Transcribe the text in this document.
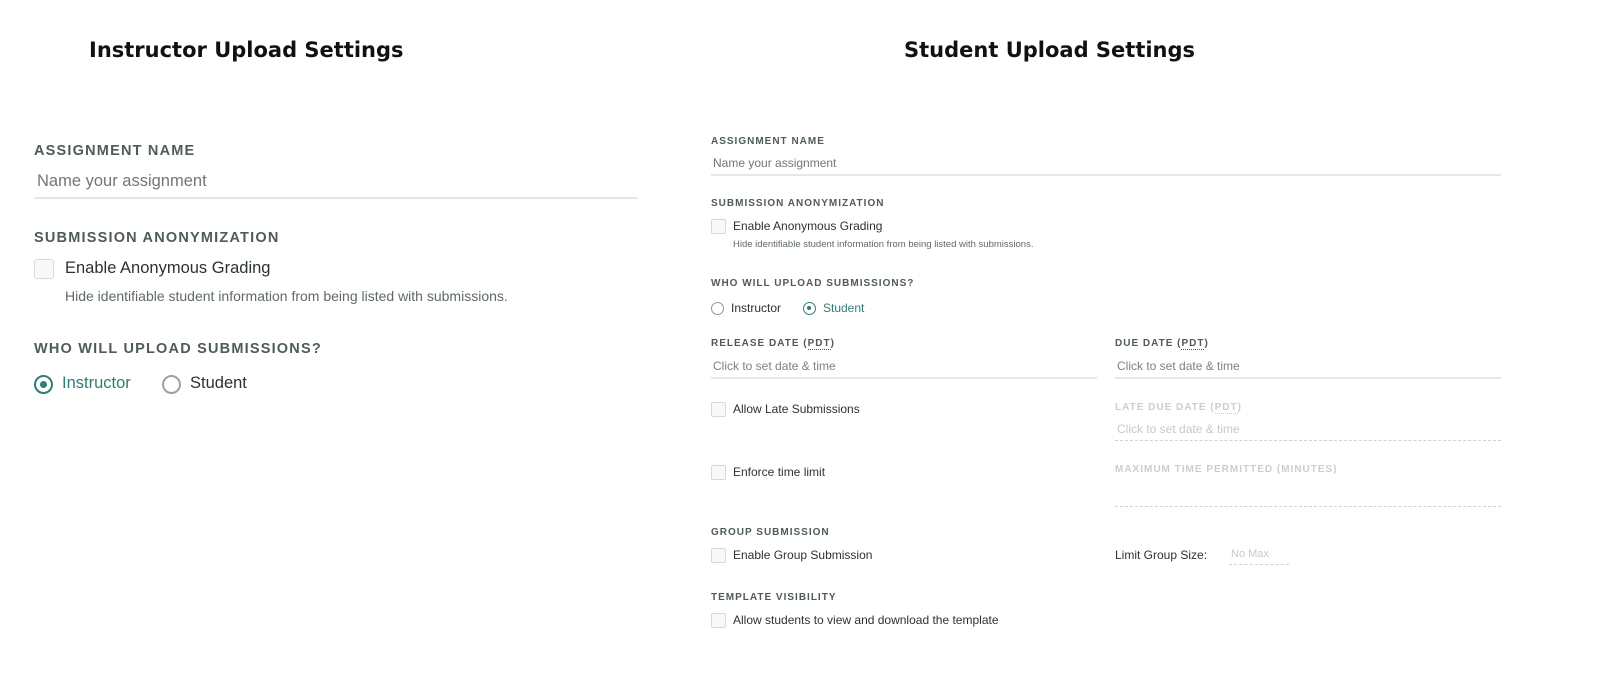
Instructor Upload Settings
ASSIGNMENT NAME
Name your assignment
SUBMISSION ANONYMIZATION
Enable Anonymous Grading
Hide identifiable student information from being listed with submissions.
WHO WILL UPLOAD SUBMISSIONS?
Instructor	Student
Student Upload Settings
ASSIGNMENT NAME
Name your assignment
SUBMISSION ANONYMIZATION
Enable Anonymous Grading
Hide identifiable student information from being listed with submissions.
WHO WILL UPLOAD SUBMISSIONS?
Instructor	Student
RELEASE DATE (PDT)
Click to set date & time
DUE DATE (PDT)
Click to set date & time
Allow Late Submissions	LATE DUE DATE (PDT)
Click to set date & time
Enforce time limit	MAXIMUM TIME PERMITTED (MINUTES)
GROUP SUBMISSION
Enable Group Submission	Limit Group Size: No Max
TEMPLATE VISIBILITY
Allow students to view and download the template
